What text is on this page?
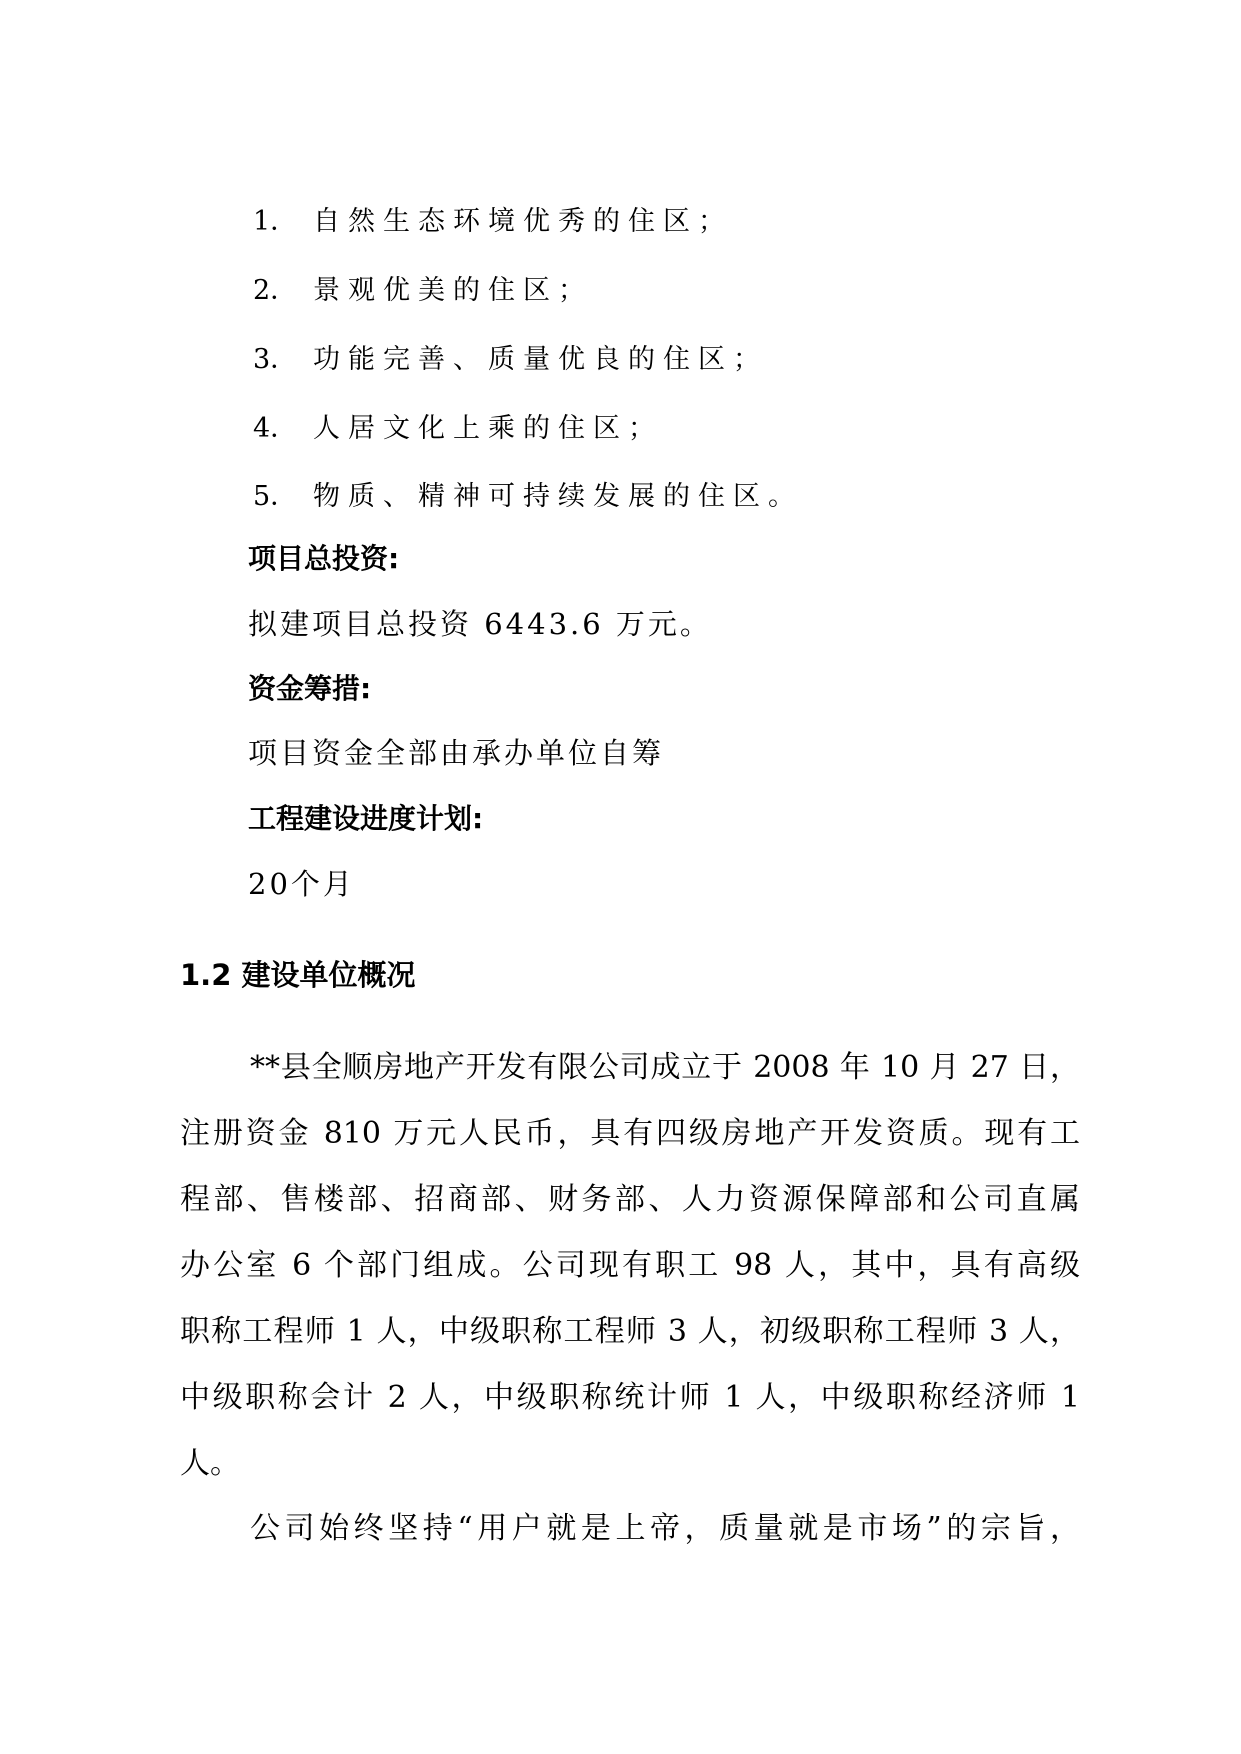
1． 自然生态环境优秀的住区；
2． 景观优美的住区；
3． 功能完善、质量优良的住区；
4． 人居文化上乘的住区；
5． 物质、精神可持续发展的住区。
项目总投资:
拟建项目总投资 6443.6 万元。
资金筹措:
项目资金全部由承办单位自筹
工程建设进度计划:
20个月
1.2 建设单位概况
**县全顺房地产开发有限公司成立于 2008 年 10 月 27 日，
注册资金 810 万元人民币，具有四级房地产开发资质。现有工
程部、售楼部、招商部、财务部、人力资源保障部和公司直属
办公室 6 个部门组成。公司现有职工 98 人，其中，具有高级
职称工程师 1 人，中级职称工程师 3 人，初级职称工程师 3 人，
中级职称会计 2 人，中级职称统计师 1 人，中级职称经济师 1
人。
公司始终坚持“用户就是上帝，质量就是市场”的宗旨，
